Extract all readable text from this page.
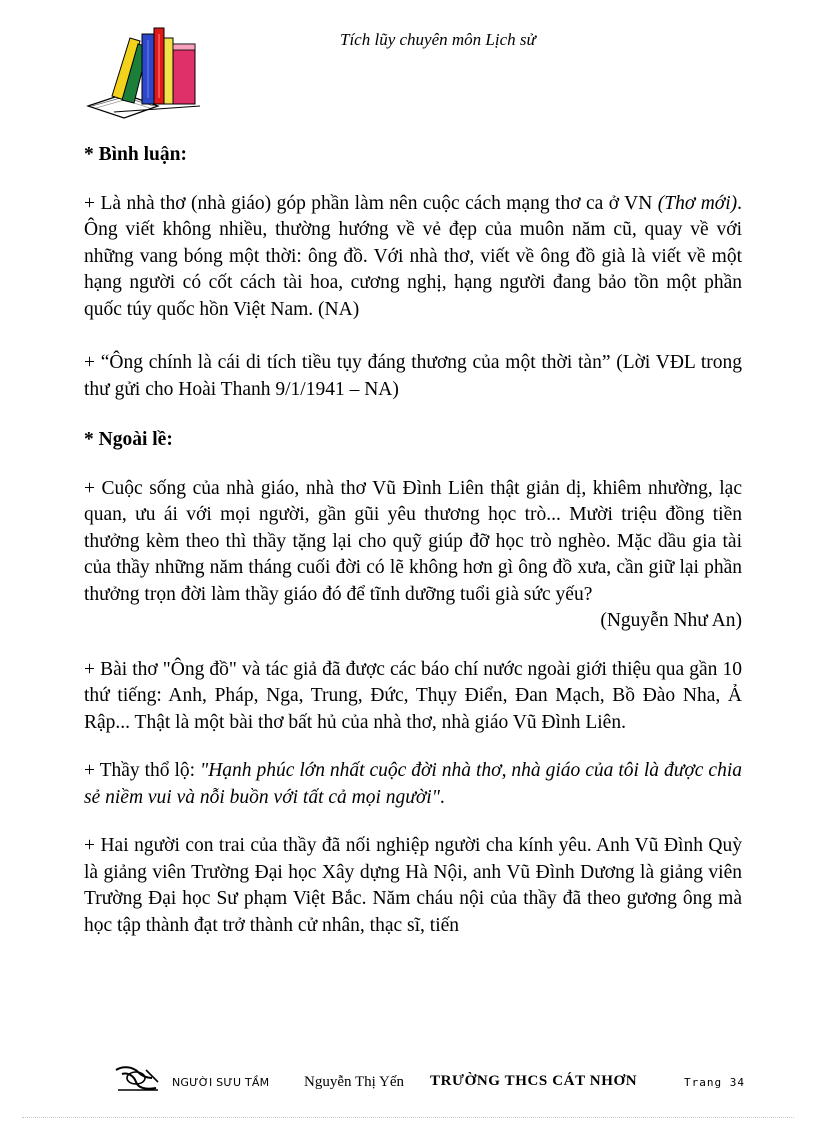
Tích lũy chuyên môn Lịch sử
* Bình luận:

+ Là nhà thơ (nhà giáo) góp phần làm nên cuộc cách mạng thơ ca ở VN (Thơ mới). Ông viết không nhiều, thường hướng về vẻ đẹp của muôn năm cũ, quay về với những vang bóng một thời: ông đồ. Với nhà thơ, viết về ông đồ già là viết về một hạng người có cốt cách tài hoa, cương nghị, hạng người đang bảo tồn một phần quốc túy quốc hồn Việt Nam. (NA)

+ “Ông chính là cái di tích tiều tụy đáng thương của một thời tàn” (Lời VĐL trong thư gửi cho Hoài Thanh 9/1/1941 – NA)

* Ngoài lề:

+ Cuộc sống của nhà giáo, nhà thơ Vũ Đình Liên thật giản dị, khiêm nhường, lạc quan, ưu ái với mọi người, gần gũi yêu thương học trò... Mười triệu đồng tiền thưởng kèm theo thì thầy tặng lại cho quỹ giúp đỡ học trò nghèo. Mặc dầu gia tài của thầy những năm tháng cuối đời có lẽ không hơn gì ông đồ xưa, cần giữ lại phần thưởng trọn đời làm thầy giáo đó để tĩnh dưỡng tuổi già sức yếu?
(Nguyễn Như An)

+ Bài thơ "Ông đồ" và tác giả đã được các báo chí nước ngoài giới thiệu qua gần 10 thứ tiếng: Anh, Pháp, Nga, Trung, Đức, Thụy Điển, Đan Mạch, Bồ Đào Nha, Ả Rập... Thật là một bài thơ bất hủ của nhà thơ, nhà giáo Vũ Đình Liên.

+ Thầy thổ lộ: "Hạnh phúc lớn nhất cuộc đời nhà thơ, nhà giáo của tôi là được chia sẻ niềm vui và nỗi buồn với tất cả mọi người".

+ Hai người con trai của thầy đã nối nghiệp người cha kính yêu. Anh Vũ Đình Quỳ là giảng viên Trường Đại học Xây dựng Hà Nội, anh Vũ Đình Dương là giảng viên Trường Đại học Sư phạm Việt Bắc. Năm cháu nội của thầy đã theo gương ông mà học tập thành đạt trở thành cử nhân, thạc sĩ, tiến

NGƯỜI SƯU TẦM Nguyễn Thị Yến TRƯỜNG THCS CÁT NHƠN	Trang 34
